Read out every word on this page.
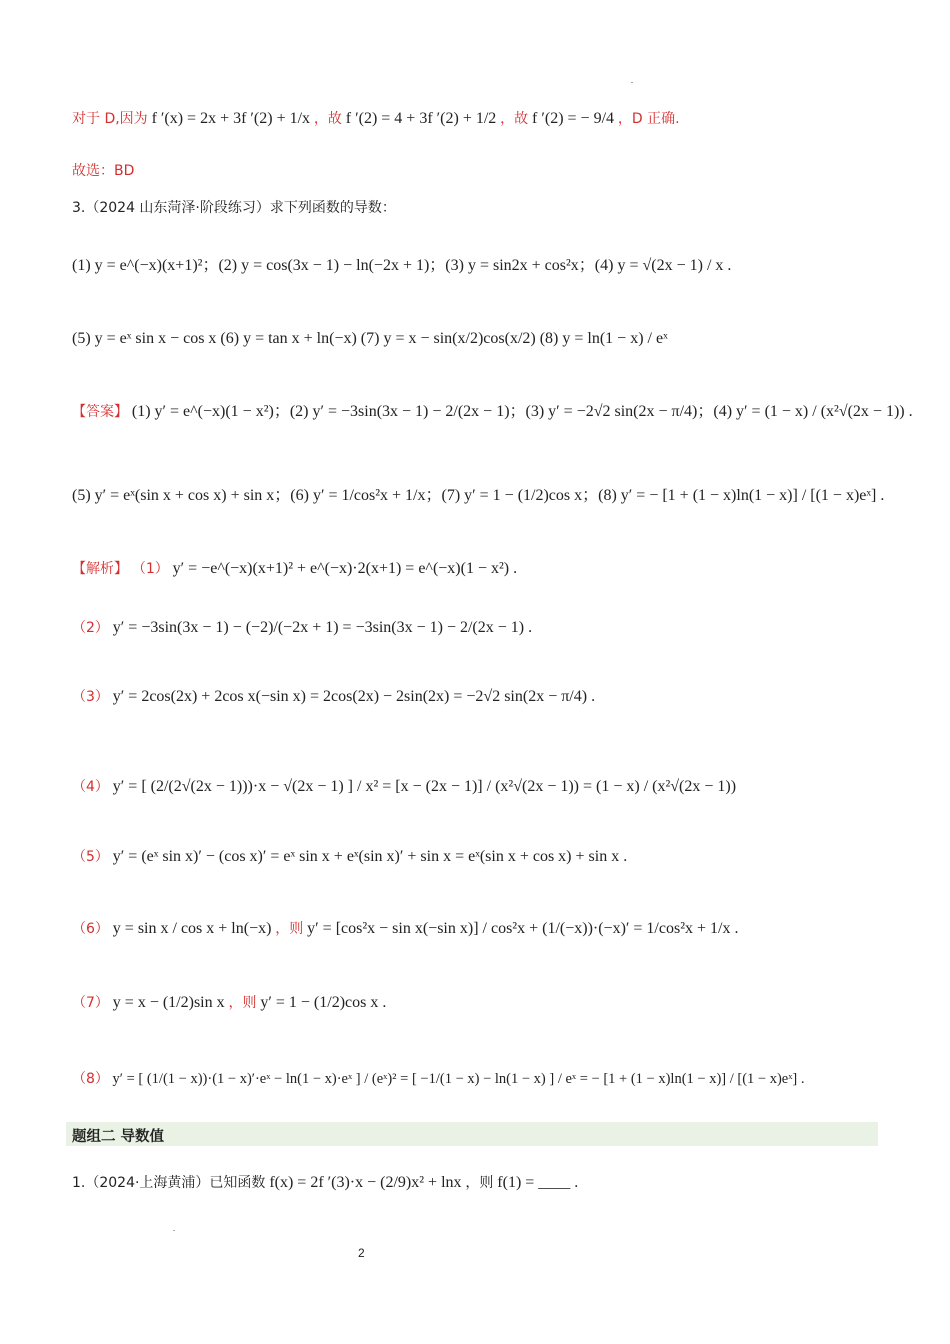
对于 D,因为 f ′(x) = 2x + 3f ′(2) + 1/x ，故 f ′(2) = 4 + 3f ′(2) + 1/2 ，故 f ′(2) = − 9/4 ，D 正确.
故选：BD
3.（2024 山东菏泽·阶段练习）求下列函数的导数：
(1) y = e^(−x)(x+1)²；(2) y = cos(3x − 1) − ln(−2x + 1)；(3) y = sin2x + cos²x；(4) y = √(2x − 1) / x .
(5) y = eˣ sin x − cos x (6) y = tan x + ln(−x) (7) y = x − sin(x/2)cos(x/2) (8) y = ln(1 − x) / eˣ
【答案】 (1) y′ = e^(−x)(1 − x²)；(2) y′ = −3sin(3x − 1) − 2/(2x − 1)；(3) y′ = −2√2 sin(2x − π/4)；(4) y′ = (1 − x) / (x²√(2x − 1)) .
(5) y′ = eˣ(sin x + cos x) + sin x；(6) y′ = 1/cos²x + 1/x；(7) y′ = 1 − (1/2)cos x；(8) y′ = − [1 + (1 − x)ln(1 − x)] / [(1 − x)eˣ] .
【解析】 （1） y′ = −e^(−x)(x+1)² + e^(−x)·2(x+1) = e^(−x)(1 − x²) .
（2） y′ = −3sin(3x − 1) − (−2)/(−2x + 1) = −3sin(3x − 1) − 2/(2x − 1) .
（3） y′ = 2cos(2x) + 2cos x(−sin x) = 2cos(2x) − 2sin(2x) = −2√2 sin(2x − π/4) .
（4） y′ = [ (2/(2√(2x − 1)))·x − √(2x − 1) ] / x² = [x − (2x − 1)] / (x²√(2x − 1)) = (1 − x) / (x²√(2x − 1))
（5） y′ = (eˣ sin x)′ − (cos x)′ = eˣ sin x + eˣ(sin x)′ + sin x = eˣ(sin x + cos x) + sin x .
（6） y = sin x / cos x + ln(−x) ，则 y′ = [cos²x − sin x(−sin x)] / cos²x + (1/(−x))·(−x)′ = 1/cos²x + 1/x .
（7） y = x − (1/2)sin x ，则 y′ = 1 − (1/2)cos x .
（8） y′ = [ (1/(1 − x))·(1 − x)′·eˣ − ln(1 − x)·eˣ ] / (eˣ)² = [ −1/(1 − x) − ln(1 − x) ] / eˣ = − [1 + (1 − x)ln(1 − x)] / [(1 − x)eˣ] .
题组二 导数值
1.（2024·上海黄浦）已知函数 f(x) = 2f ′(3)·x − (2/9)x² + lnx ，则 f(1) = ____ .
2
